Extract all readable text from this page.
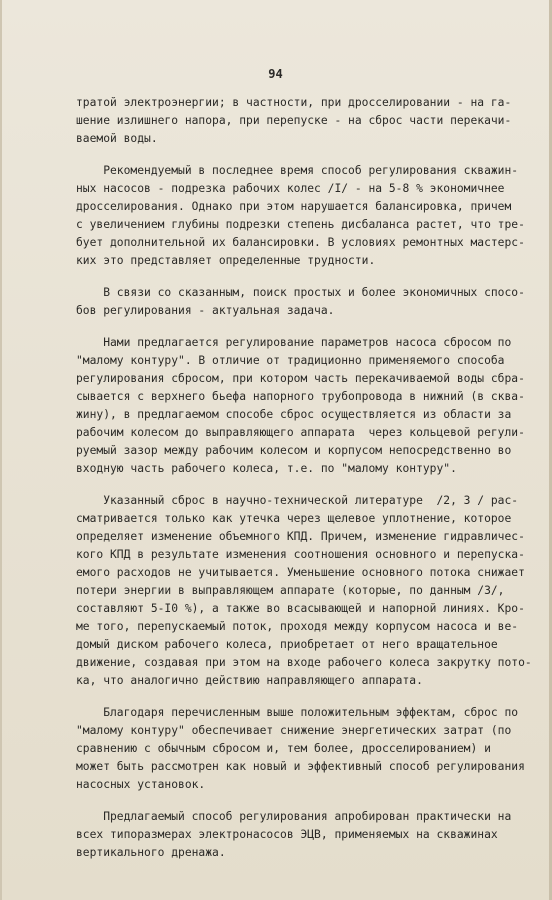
94
тратой электроэнергии; в частности, при дросселировании - на га-
шение излишнего напора, при перепуске - на сброс части перекачи-
ваемой воды.
Рекомендуемый в последнее время способ регулирования скважин-
ных насосов - подрезка рабочих колес /I/ - на 5-8 % экономичнее
дросселирования. Однако при этом нарушается балансировка, причем
с увеличением глубины подрезки степень дисбаланса растет, что тре-
бует дополнительной их балансировки. В условиях ремонтных мастерс-
ких это представляет определенные трудности.
В связи со сказанным, поиск простых и более экономичных спосо-
бов регулирования - актуальная задача.
Нами предлагается регулирование параметров насоса сбросом по
"малому контуру". В отличие от традиционно применяемого способа
регулирования сбросом, при котором часть перекачиваемой воды сбра-
сывается с верхнего бьефа напорного трубопровода в нижний (в сква-
жину), в предлагаемом способе сброс осуществляется из области за
рабочим колесом до выправляющего аппарата  через кольцевой регули-
руемый зазор между рабочим колесом и корпусом непосредственно во
входную часть рабочего колеса, т.е. по "малому контуру".
Указанный сброс в научно-технической литературе  /2, 3 / рас-
сматривается только как утечка через щелевое уплотнение, которое
определяет изменение объемного КПД. Причем, изменение гидравличес-
кого КПД в результате изменения соотношения основного и перепуска-
емого расходов не учитывается. Уменьшение основного потока снижает
потери энергии в выправляющем аппарате (которые, по данным /3/,
составляют 5-I0 %), а также во всасывающей и напорной линиях. Кро-
ме того, перепускаемый поток, проходя между корпусом насоса и ве-
домый диском рабочего колеса, приобретает от него вращательное
движение, создавая при этом на входе рабочего колеса закрутку пото-
ка, что аналогично действию направляющего аппарата.
Благодаря перечисленным выше положительным эффектам, сброс по
"малому контуру" обеспечивает снижение энергетических затрат (по
сравнению с обычным сбросом и, тем более, дросселированием) и
может быть рассмотрен как новый и эффективный способ регулирования
насосных установок.
Предлагаемый способ регулирования апробирован практически на
всех типоразмерах электронасосов ЭЦВ, применяемых на скважинах
вертикального дренажа.
